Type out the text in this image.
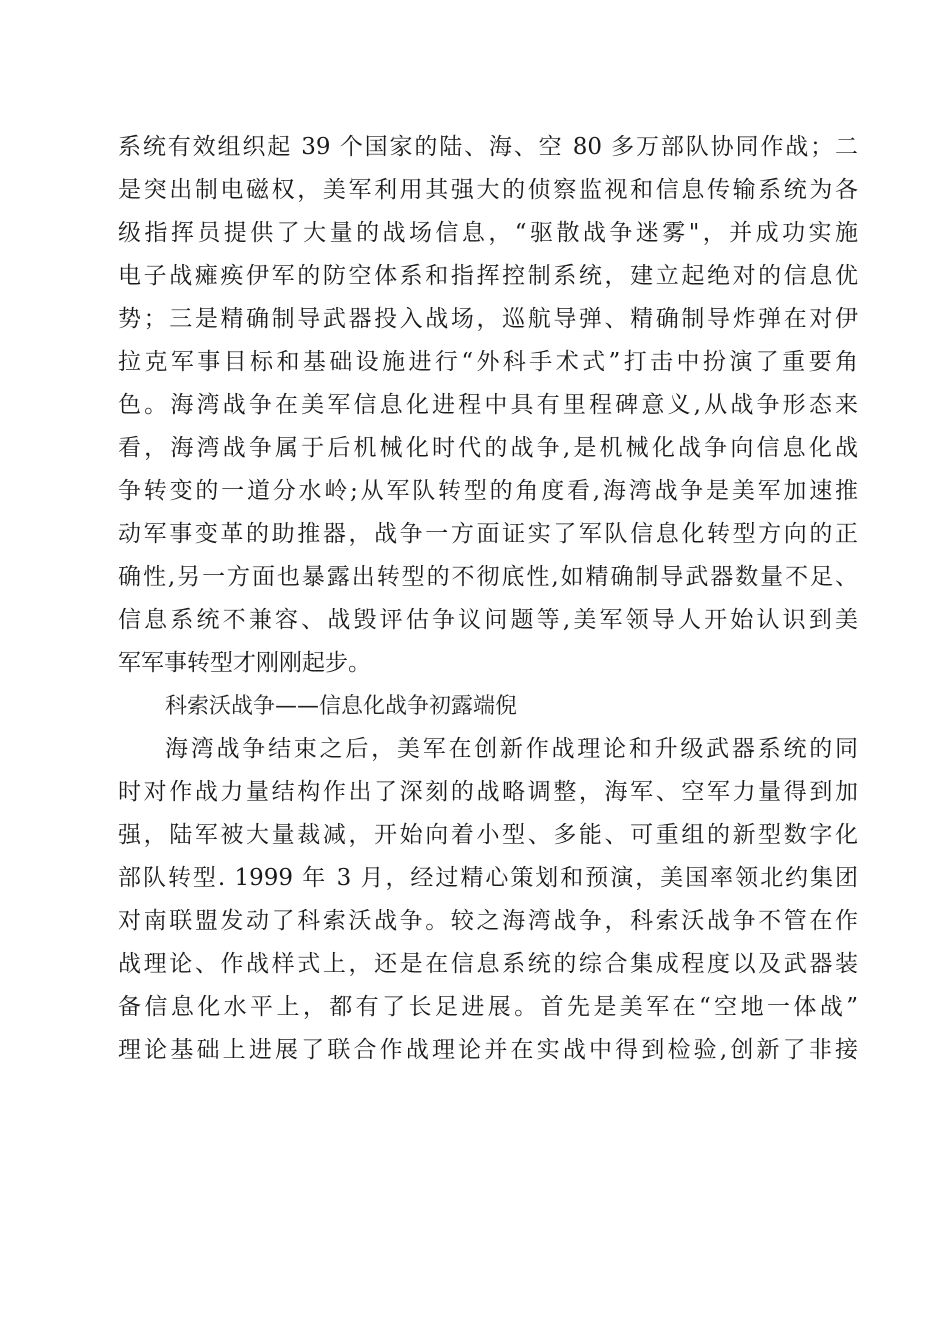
系统有效组织起 39 个国家的陆、海、空 80 多万部队协同作战；二
是突出制电磁权，美军利用其强大的侦察监视和信息传输系统为各
级指挥员提供了大量的战场信息，“驱散战争迷雾"，并成功实施
电子战瘫痪伊军的防空体系和指挥控制系统，建立起绝对的信息优
势；三是精确制导武器投入战场，巡航导弹、精确制导炸弹在对伊
拉克军事目标和基础设施进行“外科手术式”打击中扮演了重要角
色。海湾战争在美军信息化进程中具有里程碑意义,从战争形态来
看，海湾战争属于后机械化时代的战争,是机械化战争向信息化战
争转变的一道分水岭;从军队转型的角度看,海湾战争是美军加速推
动军事变革的助推器，战争一方面证实了军队信息化转型方向的正
确性,另一方面也暴露出转型的不彻底性,如精确制导武器数量不足、
信息系统不兼容、战毁评估争议问题等,美军领导人开始认识到美
军军事转型才刚刚起步。
科索沃战争——信息化战争初露端倪
海湾战争结束之后，美军在创新作战理论和升级武器系统的同
时对作战力量结构作出了深刻的战略调整，海军、空军力量得到加
强，陆军被大量裁减，开始向着小型、多能、可重组的新型数字化
部队转型. 1999 年 3 月，经过精心策划和预演，美国率领北约集团
对南联盟发动了科索沃战争。较之海湾战争，科索沃战争不管在作
战理论、作战样式上，还是在信息系统的综合集成程度以及武器装
备信息化水平上，都有了长足进展。首先是美军在“空地一体战”
理论基础上进展了联合作战理论并在实战中得到检验,创新了非接
